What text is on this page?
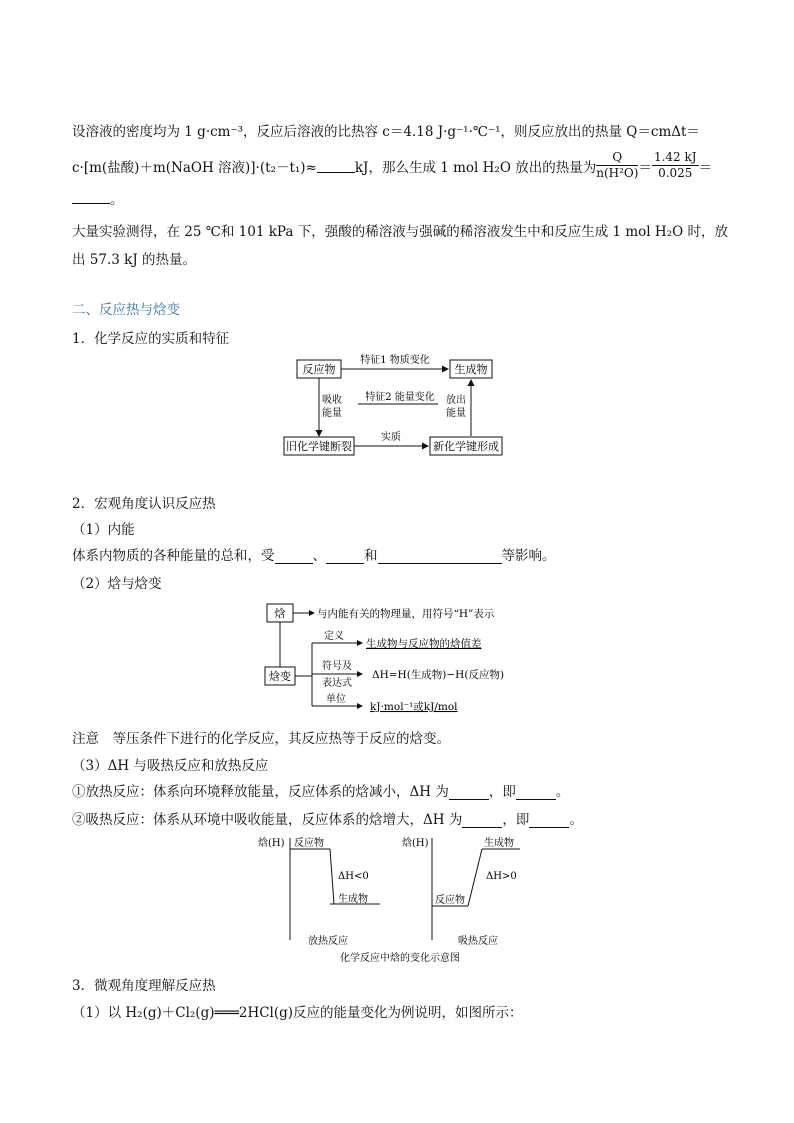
设溶液的密度均为 1 g·cm⁻³，反应后溶液的比热容 c＝4.18 J·g⁻¹·℃⁻¹，则反应放出的热量 Q＝cmΔt＝
c·[m(盐酸)＋m(NaOH 溶液)]·(t₂－t₁)≈	kJ，那么生成 1 mol H₂O 放出的热量为 $\frac{Q}{\text{n(H²O)}} = \frac{1.42 kJ}{0.025}$ ＝
。
大量实验测得，在 25 ℃和 101 kPa 下，强酸的稀溶液与强碱的稀溶液发生中和反应生成 1 mol H₂O 时，放
出 57.3 kJ 的热量。
二、反应热与焓变
1．化学反应的实质和特征
反应物	生成物
特征1 物质变化
吸收
能量
特征2 能量变化 放出
能量
旧化学键断裂	新化学键形成
实质
2．宏观角度认识反应热
（1）内能
体系内物质的各种能量的总和，受	、	和	等影响。
（2）焓与焓变
焓	与内能有关的物理量，用符号“H”表示
焓变
定义
生成物与反应物的焓值差
符号及
表达式
ΔH=H(生成物)−H(反应物)
单位
kJ·mol⁻¹或kJ/mol
注意　等压条件下进行的化学反应，其反应热等于反应的焓变。
（3）ΔH 与吸热反应和放热反应
①放热反应：体系向环境释放能量，反应体系的焓减小，ΔH 为	，即	。
②吸热反应：体系从环境中吸收能量，反应体系的焓增大，ΔH 为	，即	。
焓(H) 反应物
ΔH<0
生成物
放热反应
焓(H)
反应物
生成物
ΔH>0
吸热反应
化学反应中焓的变化示意图
3．微观角度理解反应热
（1）以 H₂(g)＋Cl₂(g)═══2HCl(g)反应的能量变化为例说明，如图所示：
